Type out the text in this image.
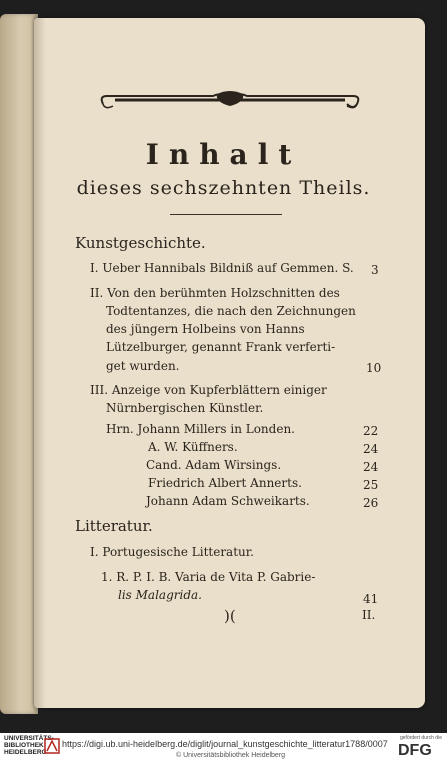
Inhalt
dieses sechszehnten Theils.
Kunstgeschichte.
I. Ueber Hannibals Bildniß auf Gemmen. S. 3
II. Von den berühmten Holzschnitten des
Todtentanzes, die nach den Zeichnungen
des jüngern Holbeins von Hanns
Lützelburger, genannt Frank verferti-
get wurden.	10
III. Anzeige von Kupferblättern einiger
Nürnbergischen Künstler.
Hrn. Johann Millers in Londen.	22
A. W. Küffners.	24
Cand. Adam Wirsings.	24
Friedrich Albert Annerts.	25
Johann Adam Schweikarts.	26
Litteratur.
I. Portugesische Litteratur.
1. R. P. I. B. Varia de Vita P. Gabrie-
lis Malagrida.	41
)(	II.
UNIVERSITÄTS-
BIBLIOTHEK
HEIDELBERG
https://digi.ub.uni-heidelberg.de/diglit/journal_kunstgeschichte_litteratur1788/0007
© Universitätsbibliothek Heidelberg
gefördert durch die
DFG
